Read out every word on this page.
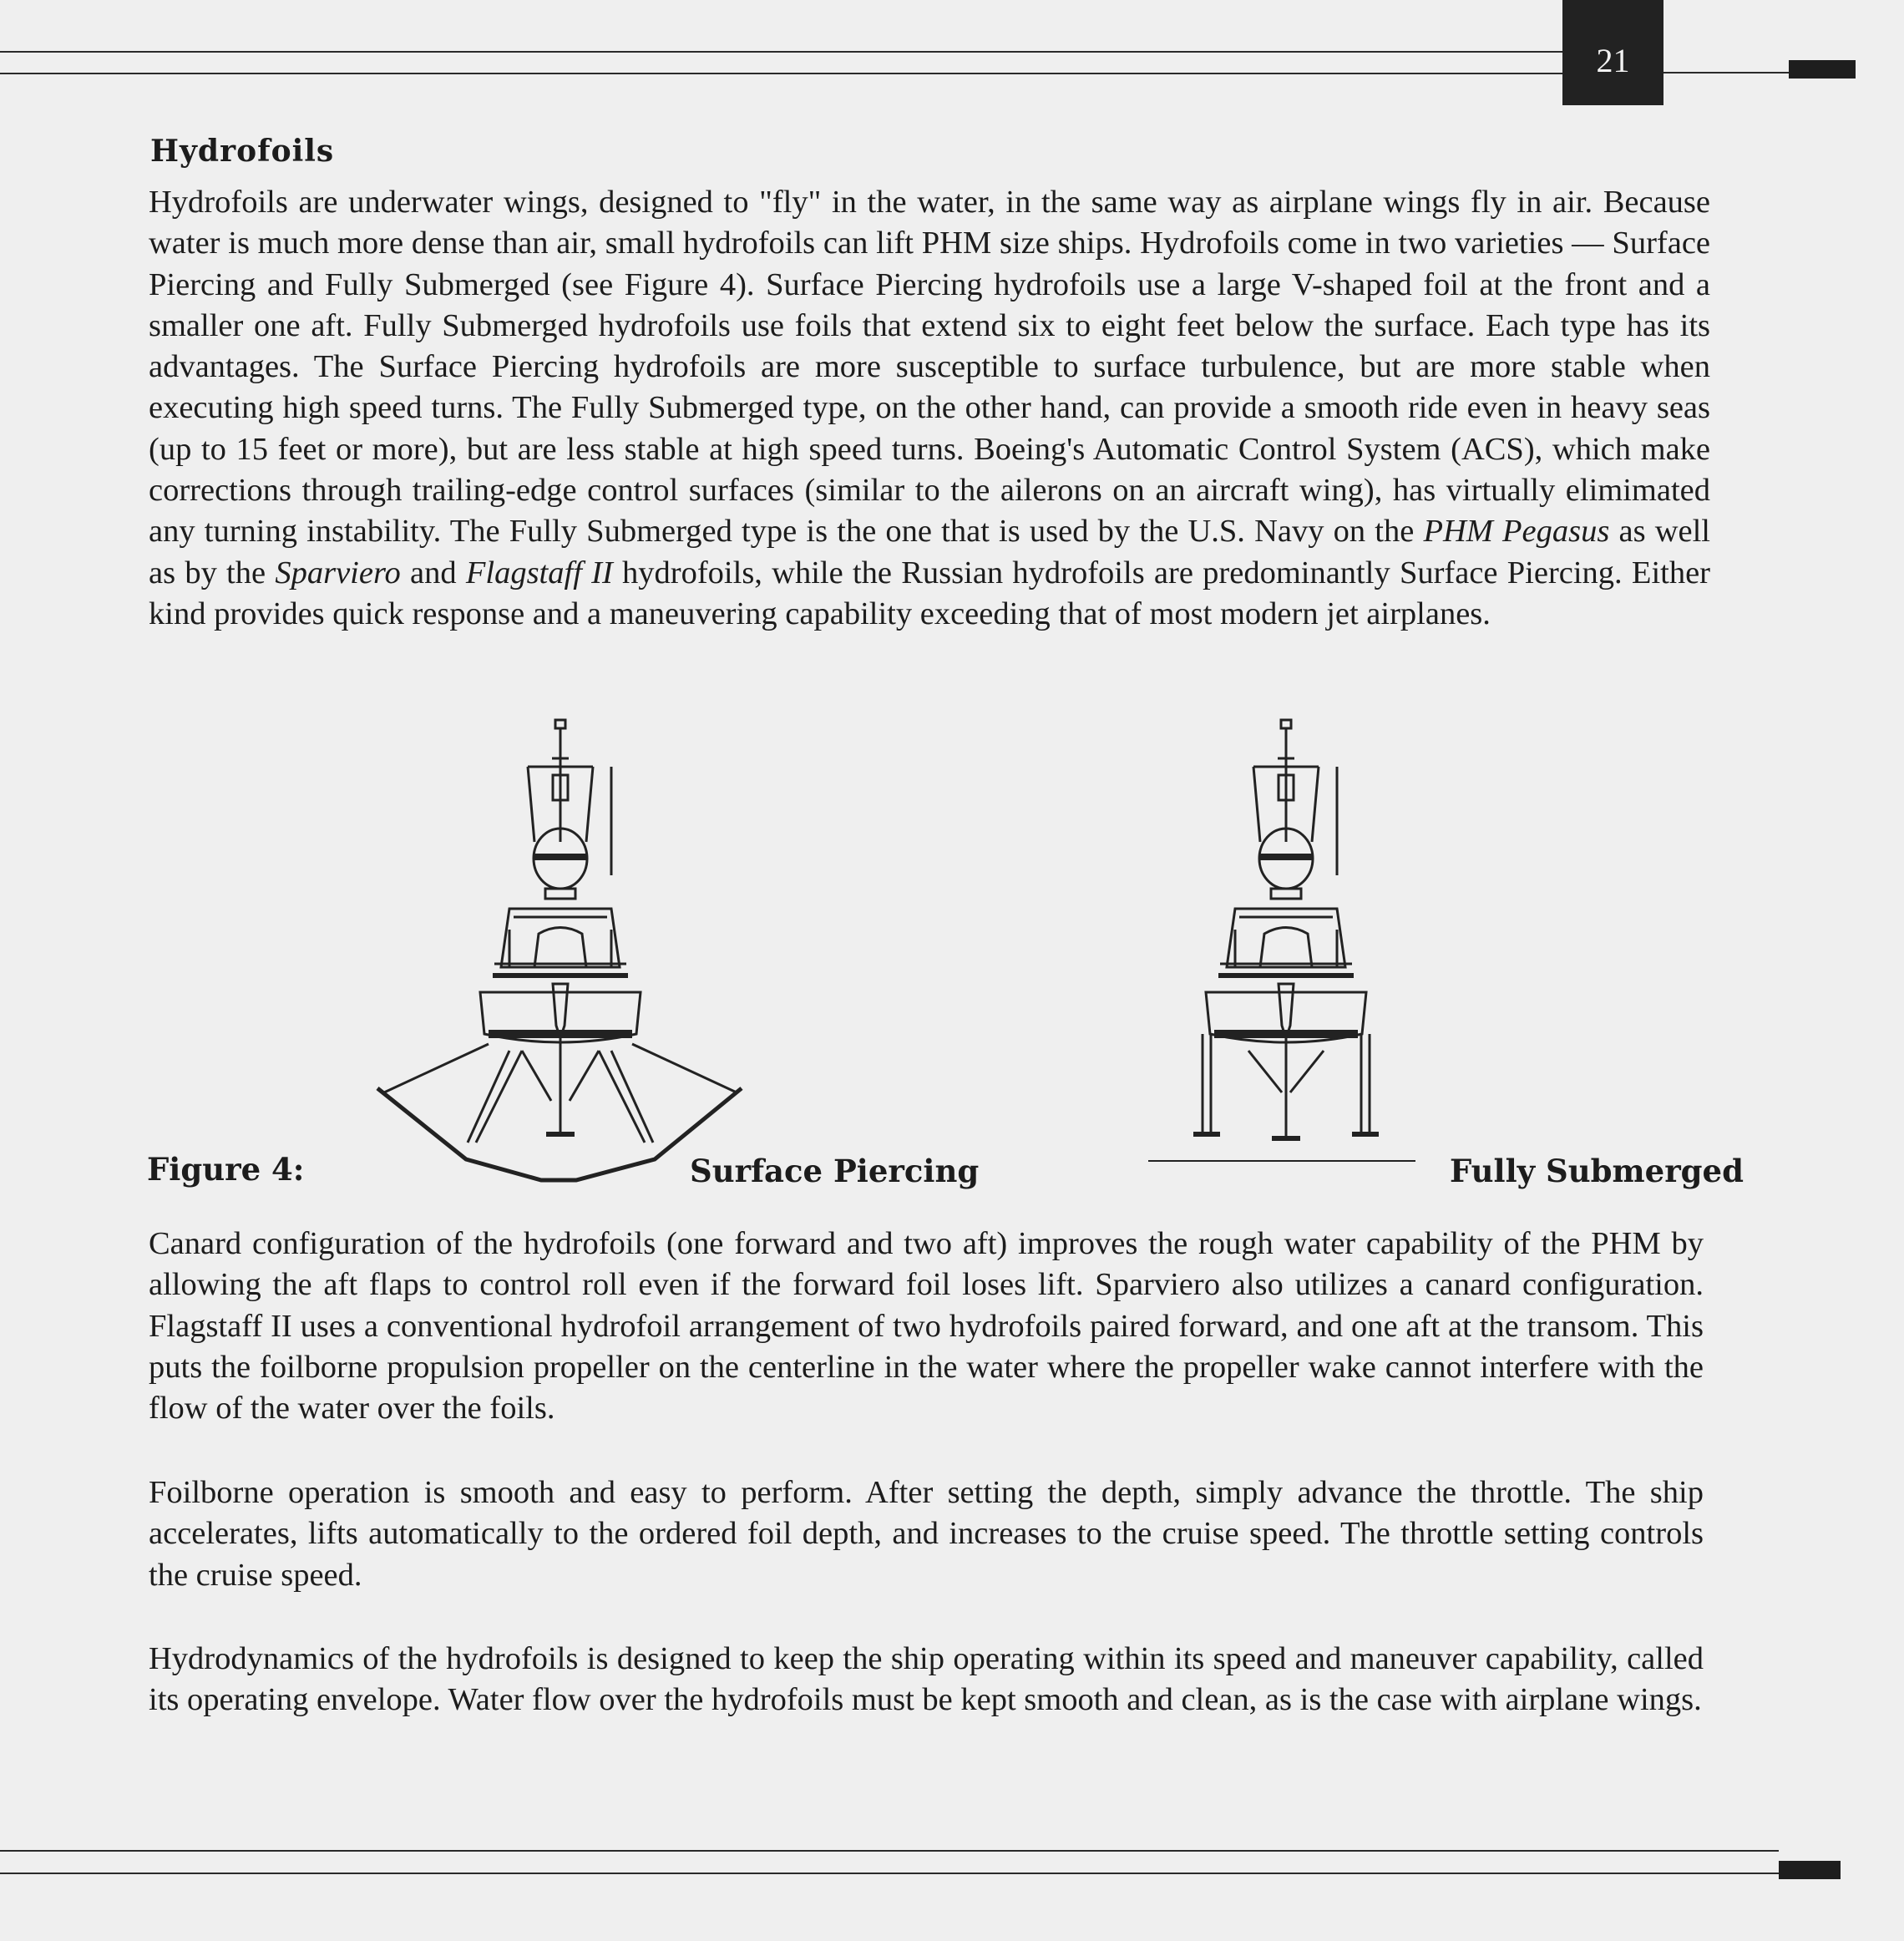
21
Hydrofoils
Hydrofoils are underwater wings, designed to "fly" in the water, in the same way as airplane wings fly in air. Because water is much more dense than air, small hydrofoils can lift PHM size ships. Hydrofoils come in two varieties — Surface Piercing and Fully Submerged (see Figure 4). Surface Piercing hydrofoils use a large V-shaped foil at the front and a smaller one aft. Fully Submerged hydrofoils use foils that extend six to eight feet below the surface. Each type has its advantages. The Surface Piercing hydrofoils are more susceptible to surface turbulence, but are more stable when executing high speed turns. The Fully Submerged type, on the other hand, can provide a smooth ride even in heavy seas (up to 15 feet or more), but are less stable at high speed turns. Boeing's Automatic Control System (ACS), which make corrections through trailing-edge control surfaces (similar to the ailerons on an aircraft wing), has virtually elimimated any turning instability. The Fully Submerged type is the one that is used by the U.S. Navy on the PHM Pegasus as well as by the Sparviero and Flagstaff II hydrofoils, while the Russian hydrofoils are predominantly Surface Piercing. Either kind provides quick response and a maneuvering capability exceeding that of most modern jet airplanes.
Figure 4:	Surface Piercing	Fully Submerged
Canard configuration of the hydrofoils (one forward and two aft) improves the rough water capability of the PHM by allowing the aft flaps to control roll even if the forward foil loses lift. Sparviero also utilizes a canard configuration. Flagstaff II uses a conventional hydrofoil arrangement of two hydrofoils paired forward, and one aft at the transom. This puts the foilborne propulsion propeller on the centerline in the water where the propeller wake cannot interfere with the flow of the water over the foils.
Foilborne operation is smooth and easy to perform. After setting the depth, simply advance the throttle. The ship accelerates, lifts automatically to the ordered foil depth, and increases to the cruise speed. The throttle setting controls the cruise speed.
Hydrodynamics of the hydrofoils is designed to keep the ship operating within its speed and maneuver capability, called its operating envelope. Water flow over the hydrofoils must be kept smooth and clean, as is the case with airplane wings.
